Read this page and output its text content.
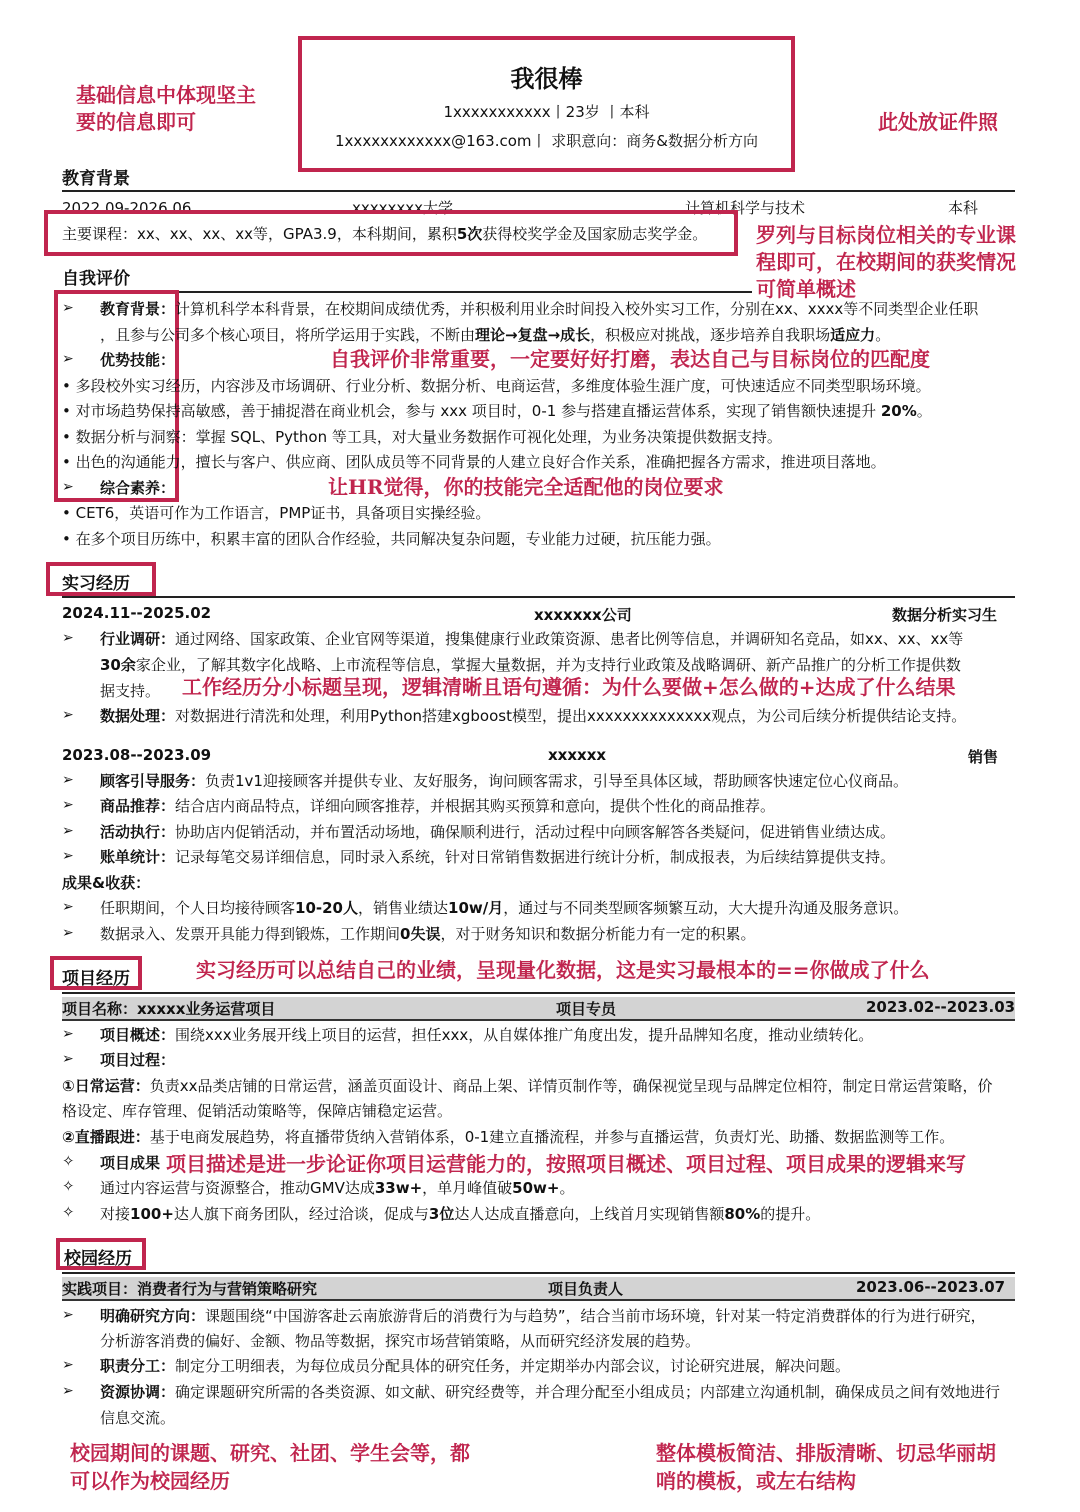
我很棒
1xxxxxxxxxxx丨23岁 丨本科
1xxxxxxxxxxxx@163.com丨 求职意向：商务&数据分析方向
基础信息中体现坚主
要的信息即可	此处放证件照
教育背景
2022.09-2026.06	xxxxxxxx大学	计算机科学与技术	本科
主要课程：xx、xx、xx、xx等，GPA3.9，本科期间，累积5次获得校奖学金及国家励志奖学金。 罗列与目标岗位相关的专业课
程即可，在校期间的获奖情况
可简单概述
自我评价
➢ 教育背景：计算机科学本科背景，在校期间成绩优秀，并积极利用业余时间投入校外实习工作，分别在xx、xxxx等不同类型企业任职
，且参与公司多个核心项目，将所学运用于实践，不断由理论→复盘→成长，积极应对挑战，逐步培养自我职场适应力。
➢ 优势技能：	自我评价非常重要，一定要好好打磨，表达自己与目标岗位的匹配度
• 多段校外实习经历，内容涉及市场调研、行业分析、数据分析、电商运营，多维度体验生涯广度，可快速适应不同类型职场环境。
• 对市场趋势保持高敏感，善于捕捉潜在商业机会，参与 xxx 项目时，0-1 参与搭建直播运营体系，实现了销售额快速提升 20%。
• 数据分析与洞察：掌握 SQL、Python 等工具，对大量业务数据作可视化处理，为业务决策提供数据支持。
• 出色的沟通能力，擅长与客户、供应商、团队成员等不同背景的人建立良好合作关系，准确把握各方需求，推进项目落地。
➢ 综合素养：	让HR觉得，你的技能完全适配他的岗位要求
• CET6，英语可作为工作语言，PMP证书，具备项目实操经验。
• 在多个项目历练中，积累丰富的团队合作经验，共同解决复杂问题，专业能力过硬，抗压能力强。
实习经历
2024.11--2025.02	xxxxxxx公司	数据分析实习生
➢ 行业调研：通过网络、国家政策、企业官网等渠道，搜集健康行业政策资源、患者比例等信息，并调研知名竞品，如xx、xx、xx等
30余家企业，了解其数字化战略、上市流程等信息，掌握大量数据，并为支持行业政策及战略调研、新产品推广的分析工作提供数
据支持。 工作经历分小标题呈现，逻辑清晰且语句遵循：为什么要做+怎么做的+达成了什么结果
➢ 数据处理：对数据进行清洗和处理，利用Python搭建xgboost模型，提出xxxxxxxxxxxxxx观点，为公司后续分析提供结论支持。
2023.08--2023.09	xxxxxx	销售
➢ 顾客引导服务：负责1v1迎接顾客并提供专业、友好服务，询问顾客需求，引导至具体区域，帮助顾客快速定位心仪商品。
➢ 商品推荐：结合店内商品特点，详细向顾客推荐，并根据其购买预算和意向，提供个性化的商品推荐。
➢ 活动执行：协助店内促销活动，并布置活动场地，确保顺利进行，活动过程中向顾客解答各类疑问，促进销售业绩达成。
➢ 账单统计：记录每笔交易详细信息，同时录入系统，针对日常销售数据进行统计分析，制成报表，为后续结算提供支持。
成果&收获：
➢ 任职期间，个人日均接待顾客10-20人，销售业绩达10w/月，通过与不同类型顾客频繁互动，大大提升沟通及服务意识。
➢ 数据录入、发票开具能力得到锻炼，工作期间0失误，对于财务知识和数据分析能力有一定的积累。
项目经历	实习经历可以总结自己的业绩，呈现量化数据，这是实习最根本的==你做成了什么
项目名称：xxxxx业务运营项目	项目专员	2023.02--2023.03
➢ 项目概述：围绕xxx业务展开线上项目的运营，担任xxx，从自媒体推广角度出发，提升品牌知名度，推动业绩转化。
➢ 项目过程：
①日常运营：负责xx品类店铺的日常运营，涵盖页面设计、商品上架、详情页制作等，确保视觉呈现与品牌定位相符，制定日常运营策略，价
格设定、库存管理、促销活动策略等，保障店铺稳定运营。
②直播跟进：基于电商发展趋势，将直播带货纳入营销体系，0-1建立直播流程，并参与直播运营，负责灯光、助播、数据监测等工作。
✧ 项目成果 项目描述是进一步论证你项目运营能力的，按照项目概述、项目过程、项目成果的逻辑来写
✧ 通过内容运营与资源整合，推动GMV达成33w+，单月峰值破50w+。
✧ 对接100+达人旗下商务团队，经过洽谈，促成与3位达人达成直播意向，上线首月实现销售额80%的提升。
校园经历
实践项目：消费者行为与营销策略研究	项目负责人	2023.06--2023.07
➢ 明确研究方向：课题围绕“中国游客赴云南旅游背后的消费行为与趋势”，结合当前市场环境，针对某一特定消费群体的行为进行研究，
分析游客消费的偏好、金额、物品等数据，探究市场营销策略，从而研究经济发展的趋势。
➢ 职责分工：制定分工明细表，为每位成员分配具体的研究任务，并定期举办内部会议，讨论研究进展，解决问题。
➢ 资源协调：确定课题研究所需的各类资源、如文献、研究经费等，并合理分配至小组成员；内部建立沟通机制，确保成员之间有效地进行
信息交流。
校园期间的课题、研究、社团、学生会等，都
可以作为校园经历
整体模板简洁、排版清晰、切忌华丽胡
哨的模板，或左右结构
